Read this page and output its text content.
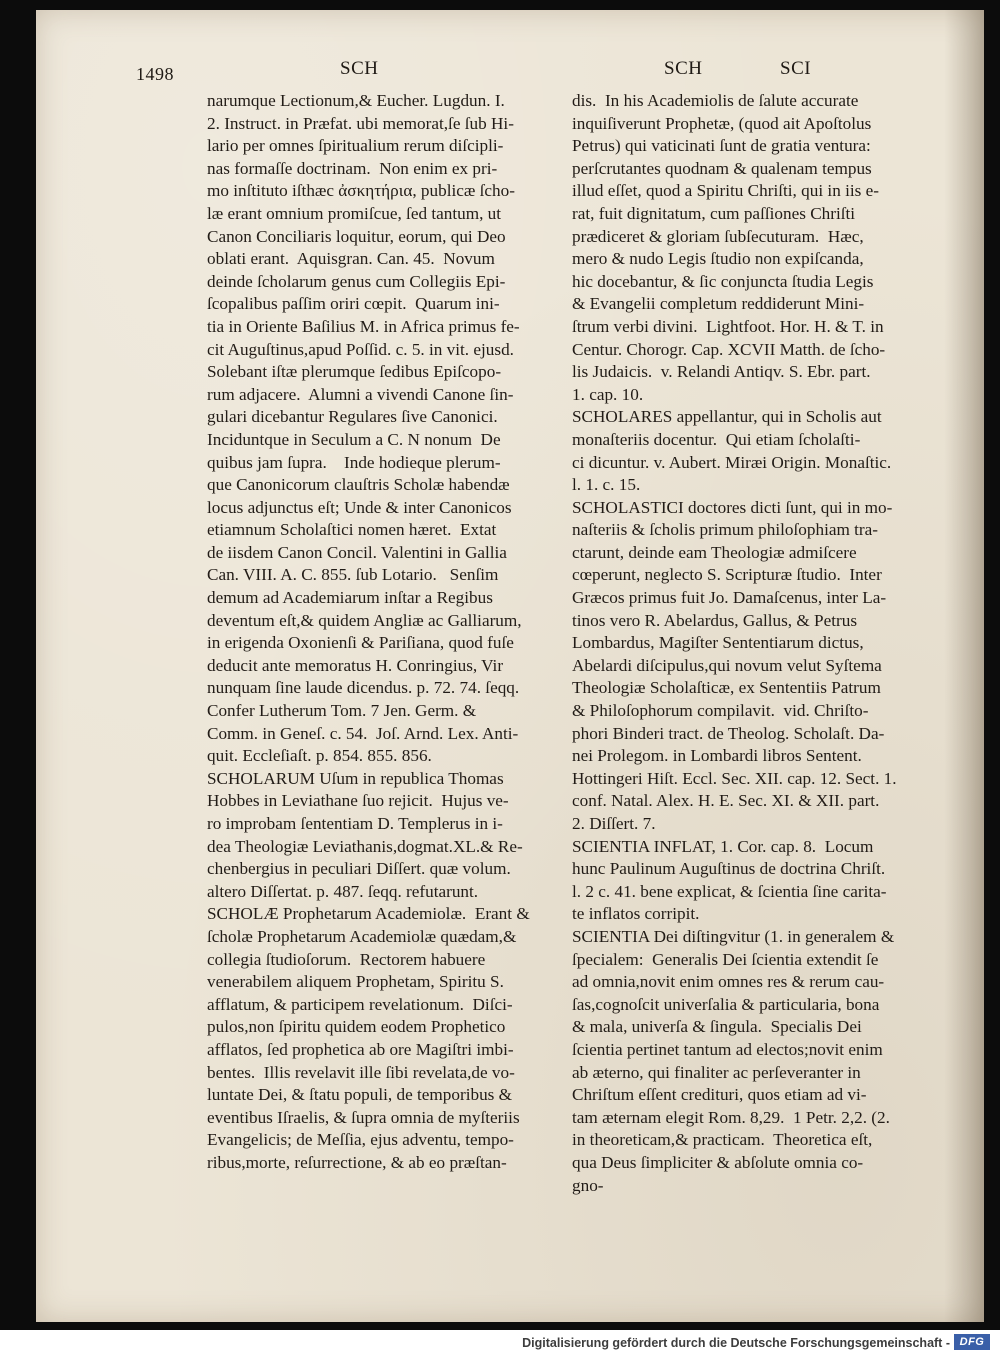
1498	SCH	SCH	SCI
narumque Lectionum,& Eucher. Lugdun. I.
2. Instruct. in Præfat. ubi memorat,ſe ſub Hi-
lario per omnes ſpiritualium rerum diſcipli-
nas formaſſe doctrinam.  Non enim ex pri-
mo inſtituto iſthæc ἀσκητήρια, publicæ ſcho-
læ erant omnium promiſcue, ſed tantum, ut
Canon Conciliaris loquitur, eorum, qui Deo
oblati erant.  Aquisgran. Can. 45.  Novum
deinde ſcholarum genus cum Collegiis Epi-
ſcopalibus paſſim oriri cœpit.  Quarum ini-
tia in Oriente Baſilius M. in Africa primus fe-
cit Auguſtinus,apud Poſſid. c. 5. in vit. ejusd.
Solebant iſtæ plerumque ſedibus Epiſcopo-
rum adjacere.  Alumni a vivendi Canone ſin-
gulari dicebantur Regulares ſive Canonici.
Inciduntque in Seculum a C. N nonum  De
quibus jam ſupra.    Inde hodieque plerum-
que Canonicorum clauſtris Scholæ habendæ
locus adjunctus eſt; Unde & inter Canonicos
etiamnum Scholaſtici nomen hæret.  Extat
de iisdem Canon Concil. Valentini in Gallia
Can. VIII. A. C. 855. ſub Lotario.   Senſim
demum ad Academiarum inſtar a Regibus
deventum eſt,& quidem Angliæ ac Galliarum,
in erigenda Oxonienſi & Pariſiana, quod fuſe
deducit ante memoratus H. Conringius, Vir
nunquam ſine laude dicendus. p. 72. 74. ſeqq.
Confer Lutherum Tom. 7 Jen. Germ. &
Comm. in Geneſ. c. 54.  Joſ. Arnd. Lex. Anti-
quit. Eccleſiaſt. p. 854. 855. 856.
SCHOLARUM Uſum in republica Thomas
Hobbes in Leviathane ſuo rejicit.  Hujus ve-
ro improbam ſententiam D. Templerus in i-
dea Theologiæ Leviathanis,dogmat.XL.& Re-
chenbergius in peculiari Diſſert. quæ volum.
altero Diſſertat. p. 487. ſeqq. refutarunt.
SCHOLÆ Prophetarum Academiolæ.  Erant &
ſcholæ Prophetarum Academiolæ quædam,&
collegia ſtudioſorum.  Rectorem habuere
venerabilem aliquem Prophetam, Spiritu S.
afflatum, & participem revelationum.  Diſci-
pulos,non ſpiritu quidem eodem Prophetico
afflatos, ſed prophetica ab ore Magiſtri imbi-
bentes.  Illis revelavit ille ſibi revelata,de vo-
luntate Dei, & ſtatu populi, de temporibus &
eventibus Iſraelis, & ſupra omnia de myſteriis
Evangelicis; de Meſſia, ejus adventu, tempo-
ribus,morte, reſurrectione, & ab eo præſtan-
dis.  In his Academiolis de ſalute accurate
inquiſiverunt Prophetæ, (quod ait Apoſtolus
Petrus) qui vaticinati ſunt de gratia ventura:
perſcrutantes quodnam & qualenam tempus
illud eſſet, quod a Spiritu Chriſti, qui in iis e-
rat, fuit dignitatum, cum paſſiones Chriſti
prædiceret & gloriam ſubſecuturam.  Hæc,
mero & nudo Legis ſtudio non expiſcanda,
hic docebantur, & ſic conjuncta ſtudia Legis
& Evangelii completum reddiderunt Mini-
ſtrum verbi divini.  Lightfoot. Hor. H. & T. in
Centur. Chorogr. Cap. XCVII Matth. de ſcho-
lis Judaicis.  v. Relandi Antiqv. S. Ebr. part.
1. cap. 10.
SCHOLARES appellantur, qui in Scholis aut
monaſteriis docentur.  Qui etiam ſcholaſti-
ci dicuntur. v. Aubert. Miræi Origin. Monaſtic.
l. 1. c. 15.
SCHOLASTICI doctores dicti ſunt, qui in mo-
naſteriis & ſcholis primum philoſophiam tra-
ctarunt, deinde eam Theologiæ admiſcere
cœperunt, neglecto S. Scripturæ ſtudio.  Inter
Græcos primus fuit Jo. Damaſcenus, inter La-
tinos vero R. Abelardus, Gallus, & Petrus
Lombardus, Magiſter Sententiarum dictus,
Abelardi diſcipulus,qui novum velut Syſtema
Theologiæ Scholaſticæ, ex Sententiis Patrum
& Philoſophorum compilavit.  vid. Chriſto-
phori Binderi tract. de Theolog. Scholaſt. Da-
nei Prolegom. in Lombardi libros Sentent.
Hottingeri Hiſt. Eccl. Sec. XII. cap. 12. Sect. 1.
conf. Natal. Alex. H. E. Sec. XI. & XII. part.
2. Diſſert. 7.
SCIENTIA INFLAT, 1. Cor. cap. 8.  Locum
hunc Paulinum Auguſtinus de doctrina Chriſt.
l. 2 c. 41. bene explicat, & ſcientia ſine carita-
te inflatos corripit.
SCIENTIA Dei diſtingvitur (1. in generalem &
ſpecialem:  Generalis Dei ſcientia extendit ſe
ad omnia,novit enim omnes res & rerum cau-
ſas,cognoſcit univerſalia & particularia, bona
& mala, univerſa & ſingula.  Specialis Dei
ſcientia pertinet tantum ad electos;novit enim
ab æterno, qui finaliter ac perſeveranter in
Chriſtum eſſent credituri, quos etiam ad vi-
tam æternam elegit Rom. 8,29.  1 Petr. 2,2. (2.
in theoreticam,& practicam.  Theoretica eſt,
qua Deus ſimpliciter & abſolute omnia co-
gno-
Digitalisierung gefördert durch die Deutsche Forschungsgemeinschaft - DFG
